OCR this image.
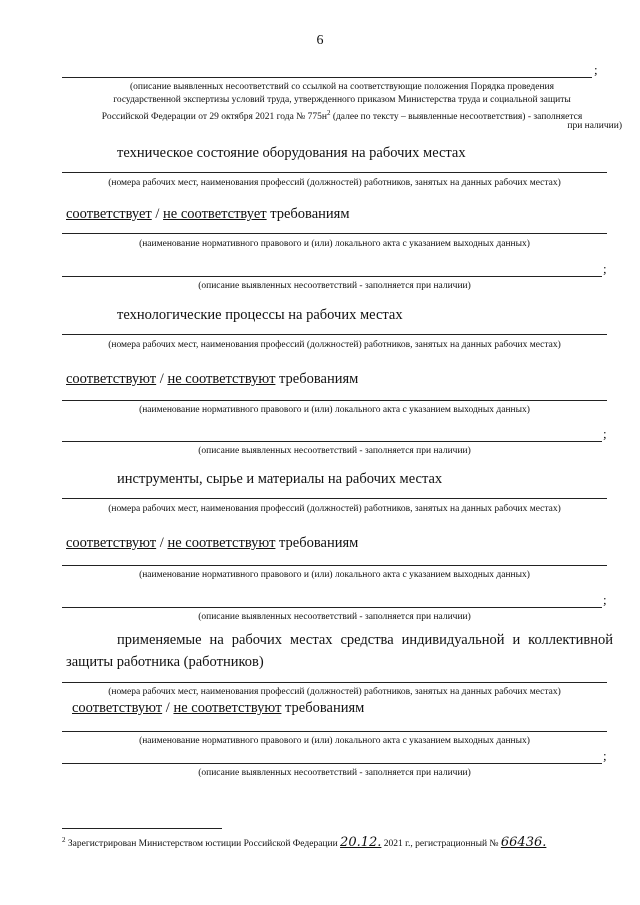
6
;
(описание выявленных несоответствий со ссылкой на соответствующие положения Порядка проведения
государственной экспертизы условий труда, утвержденного приказом Министерства труда и социальной защиты
Российской Федерации от 29 октября 2021 года № $775н^2$ (далее по тексту – выявленные несоответствия) - заполняется
при наличии)
техническое состояние оборудования на рабочих местах
(номера рабочих мест, наименования профессий (должностей) работников, занятых на данных рабочих местах)
соответствует / не соответствует требованиям
(наименование нормативного правового и (или) локального акта с указанием выходных данных)
;
(описание выявленных несоответствий - заполняется при наличии)
технологические процессы на рабочих местах
(номера рабочих мест, наименования профессий (должностей) работников, занятых на данных рабочих местах)
соответствуют / не соответствуют требованиям
(наименование нормативного правового и (или) локального акта с указанием выходных данных)
;
(описание выявленных несоответствий - заполняется при наличии)
инструменты, сырье и материалы на рабочих местах
(номера рабочих мест, наименования профессий (должностей) работников, занятых на данных рабочих местах)
соответствуют / не соответствуют требованиям
(наименование нормативного правового и (или) локального акта с указанием выходных данных)
;
(описание выявленных несоответствий - заполняется при наличии)
применяемые на рабочих местах средства индивидуальной и коллективной
защиты работника (работников)
(номера рабочих мест, наименования профессий (должностей) работников, занятых на данных рабочих местах)
соответствуют / не соответствуют требованиям
(наименование нормативного правового и (или) локального акта с указанием выходных данных)
;
(описание выявленных несоответствий - заполняется при наличии)
$^2$ Зарегистрирован Министерством юстиции Российской Федерации 20.12. 2021 г., регистрационный № 66436.
